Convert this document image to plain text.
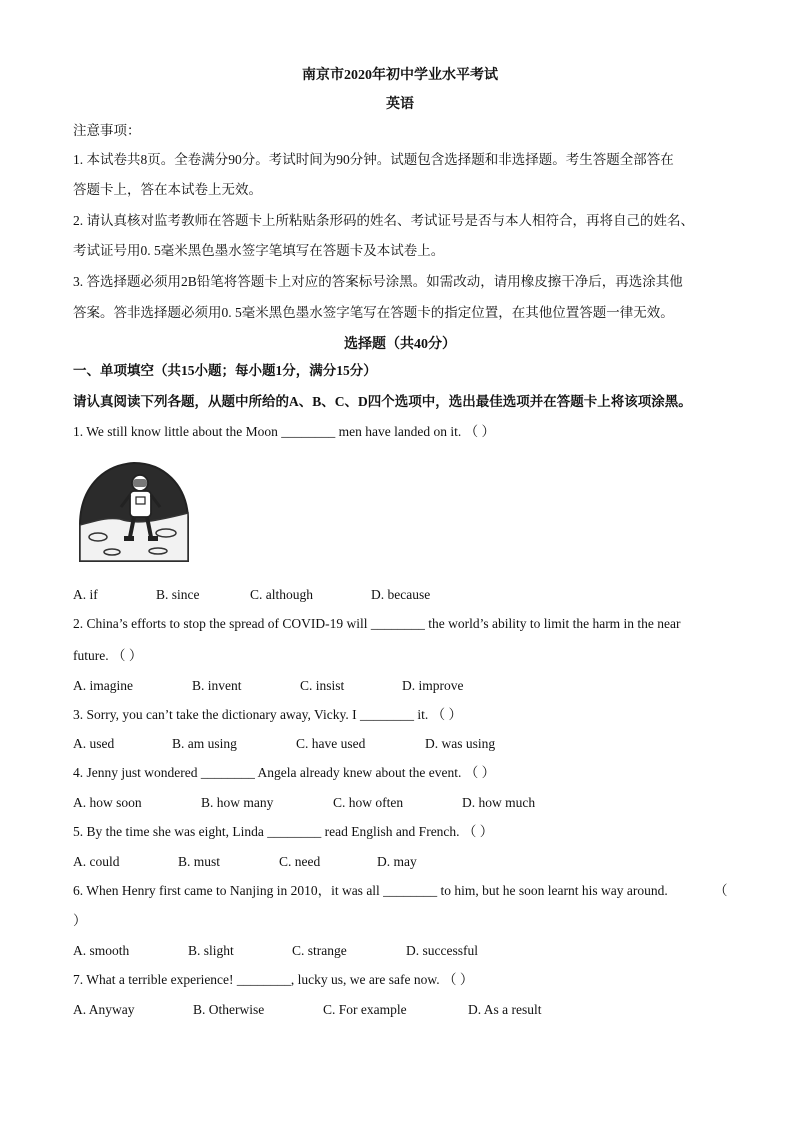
南京市2020年初中学业水平考试
英语
注意事项：
1. 本试卷共8页。全卷满分90分。考试时间为90分钟。试题包含选择题和非选择题。考生答题全部答在
答题卡上，答在本试卷上无效。
2. 请认真核对监考教师在答题卡上所粘贴条形码的姓名、考试证号是否与本人相符合，再将自己的姓名、
考试证号用0. 5毫米黑色墨水签字笔填写在答题卡及本试卷上。
3. 答选择题必须用2B铅笔将答题卡上对应的答案标号涂黑。如需改动，请用橡皮擦干净后，再选涂其他
答案。答非选择题必须用0. 5毫米黑色墨水签字笔写在答题卡的指定位置，在其他位置答题一律无效。
选择题（共40分）
一、单项填空（共15小题；每小题1分，满分15分）
请认真阅读下列各题，从题中所给的A、B、C、D四个选项中，选出最佳选项并在答题卡上将该项涂黑。
1. We still know little about the Moon ________ men have landed on it. （ ）
A. if	B. since	C. although	D. because
2. China’s efforts to stop the spread of COVID-19 will ________ the world’s ability to limit the harm in the near
future. （ ）
A. imagine	B. invent	C. insist	D. improve
3. Sorry, you can’t take the dictionary away, Vicky. I ________ it. （ ）
A. used	B. am using	C. have used	D. was using
4. Jenny just wondered ________ Angela already knew about the event. （ ）
A. how soon	B. how many	C. how often	D. how much
5. By the time she was eight, Linda ________ read English and French. （ ）
A. could	B. must	C. need	D. may
6. When Henry first came to Nanjing in 2010，it was all ________ to him, but he soon learnt his way around.	（
）
A. smooth	B. slight	C. strange	D. successful
7. What a terrible experience! ________, lucky us, we are safe now. （ ）
A. Anyway	B. Otherwise	C. For example	D. As a result
